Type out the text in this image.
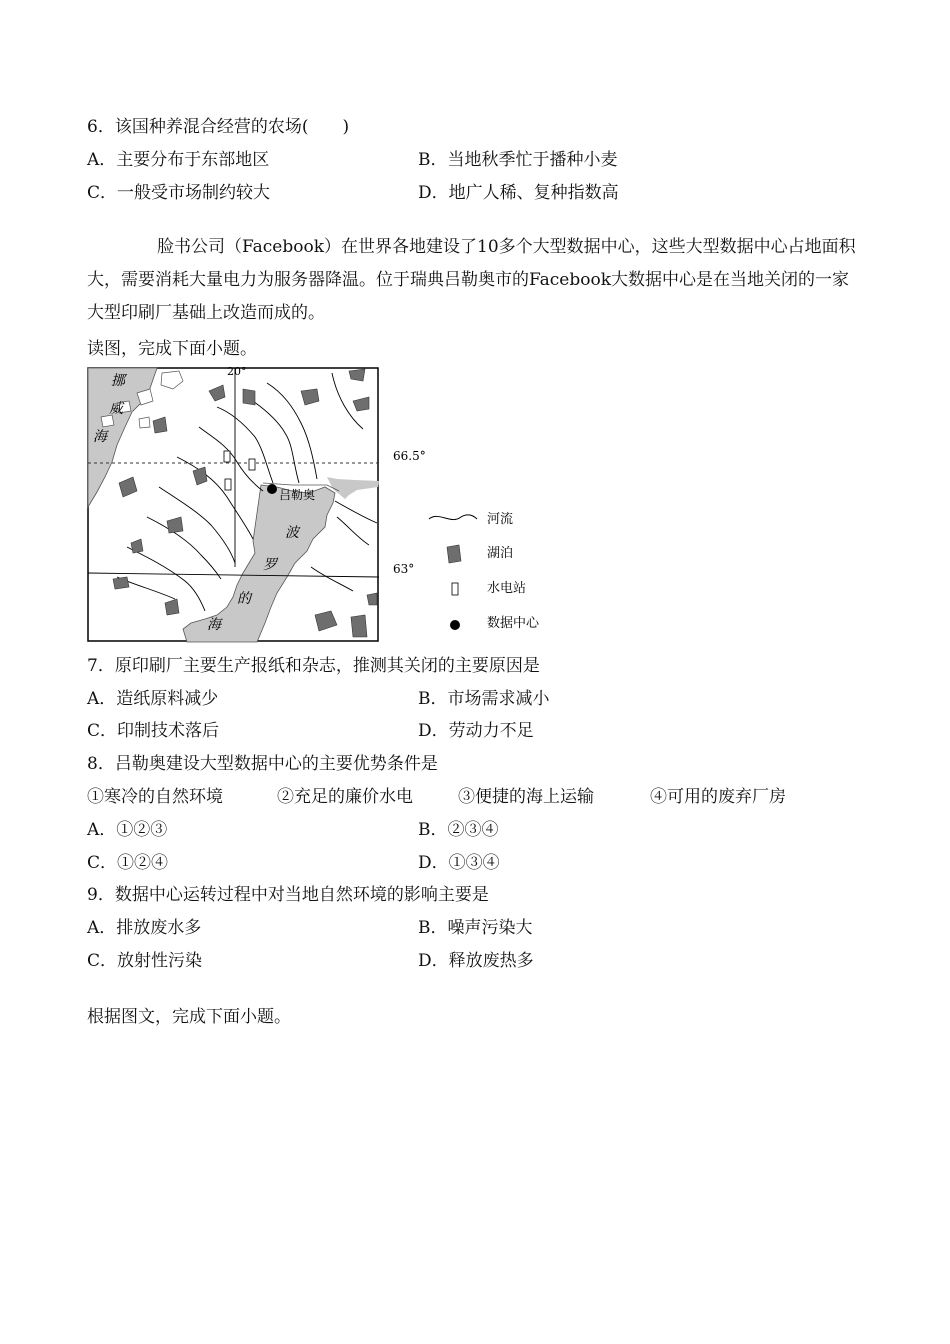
6．该国种养混合经营的农场(　　)
A．主要分布于东部地区	B．当地秋季忙于播种小麦
C．一般受市场制约较大	D．地广人稀、复种指数高
脸书公司（Facebook）在世界各地建设了10多个大型数据中心，这些大型数据中心占地面积大，需要消耗大量电力为服务器降温。位于瑞典吕勒奥市的Facebook大数据中心是在当地关闭的一家大型印刷厂基础上改造而成的。
读图，完成下面小题。
20°
吕勒奥
挪
威
海
波
罗
的
海
66.5°
63°
河流
湖泊
水电站
数据中心
7．原印刷厂主要生产报纸和杂志，推测其关闭的主要原因是
A．造纸原料减少	B．市场需求减小
C．印制技术落后	D．劳动力不足
8．吕勒奥建设大型数据中心的主要优势条件是
①寒冷的自然环境	②充足的廉价水电	③便捷的海上运输	④可用的废弃厂房
A．①②③	B．②③④
C．①②④	D．①③④
9．数据中心运转过程中对当地自然环境的影响主要是
A．排放废水多	B．噪声污染大
C．放射性污染	D．释放废热多
根据图文，完成下面小题。
